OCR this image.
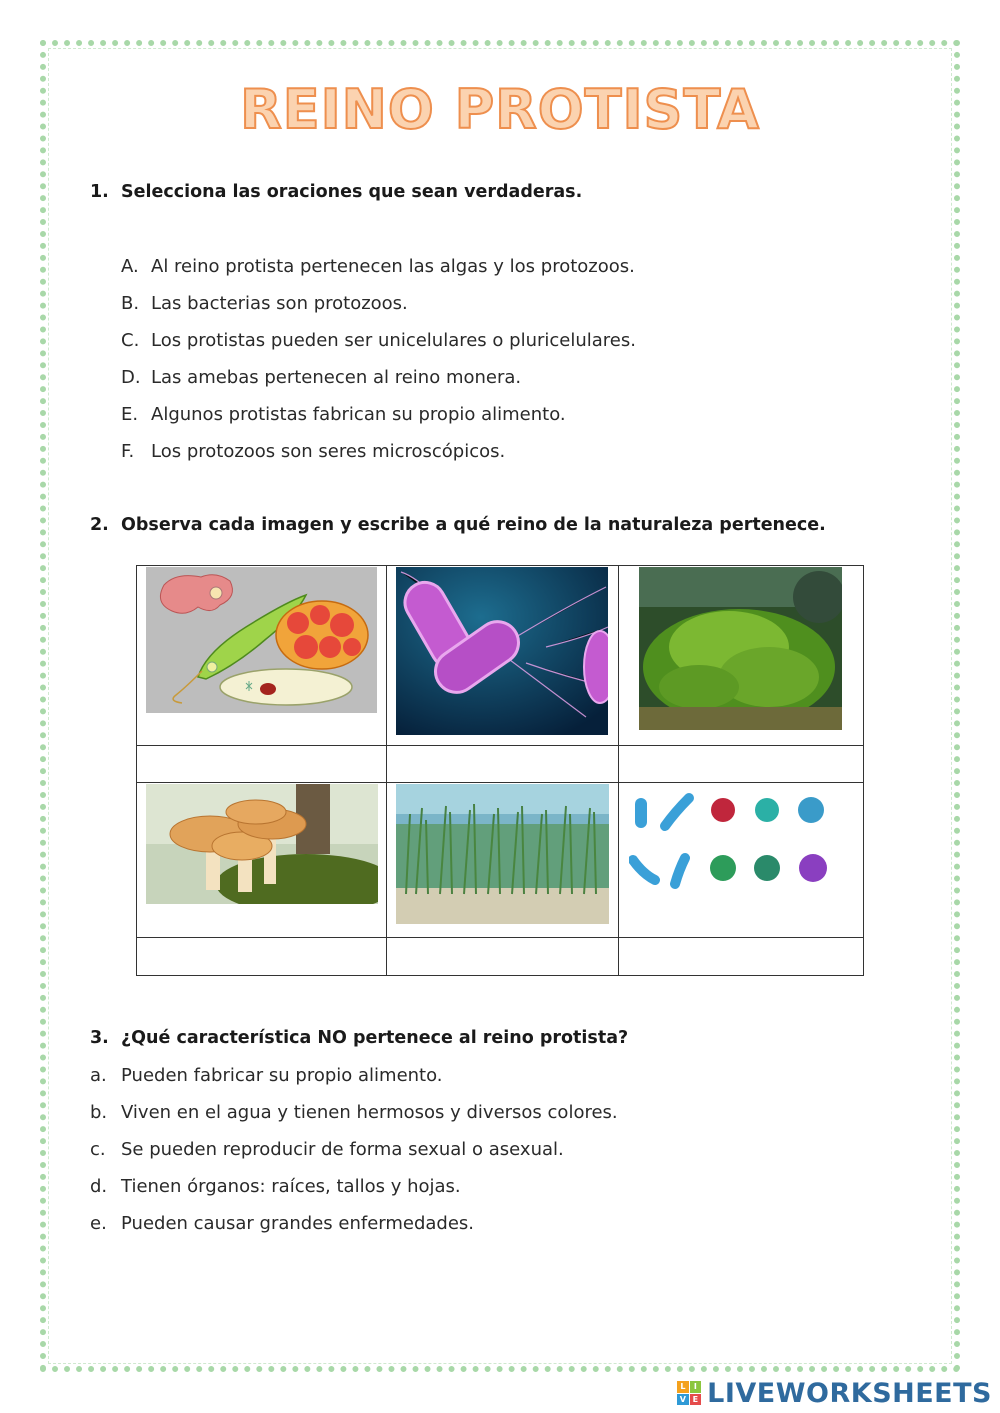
REINO PROTISTA
1. Selecciona las oraciones que sean verdaderas.
A. Al reino protista pertenecen las algas y los protozoos.
B. Las bacterias son protozoos.
C. Los protistas pueden ser unicelulares o pluricelulares.
D. Las amebas pertenecen al reino monera.
E. Algunos protistas fabrican su propio alimento.
F. Los protozoos son seres microscópicos.
2. Observa cada imagen y escribe a qué reino de la naturaleza pertenece.

3. ¿Qué característica NO pertenece al reino protista?
a. Pueden fabricar su propio alimento.
b. Viven en el agua y tienen hermosos y diversos colores.
c. Se pueden reproducir de forma sexual o asexual.
d. Tienen órganos: raíces, tallos y hojas.
e. Pueden causar grandes enfermedades.
L	I
V E LIVEWORKSHEETS
